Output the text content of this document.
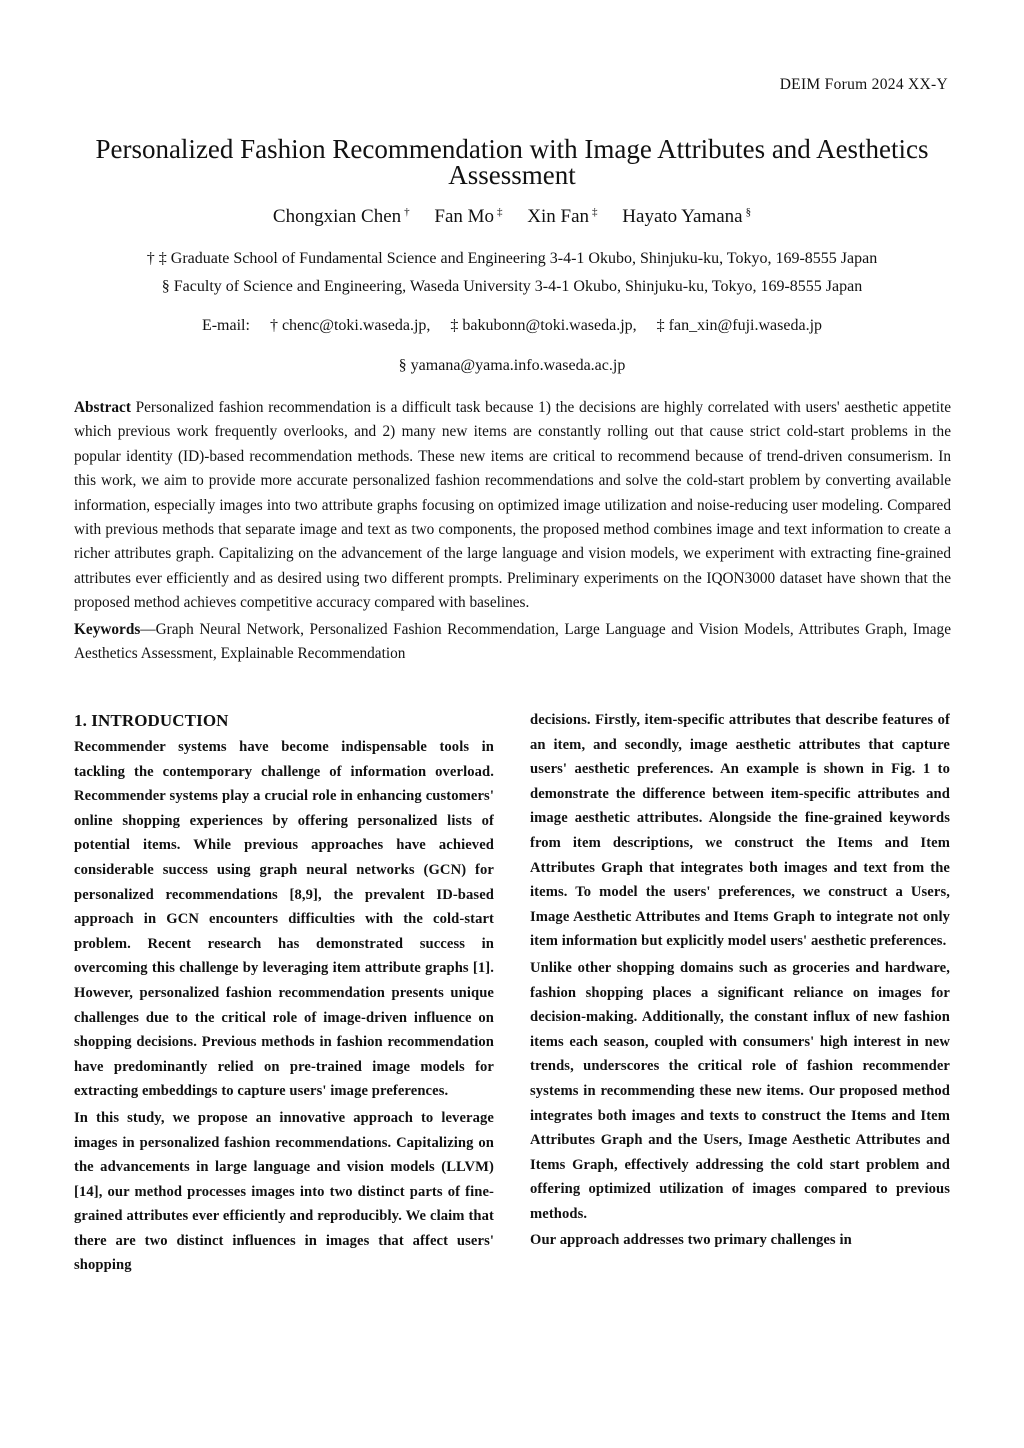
DEIM Forum 2024 XX-Y
Personalized Fashion Recommendation with Image Attributes and Aesthetics Assessment
Chongxian Chen † Fan Mo ‡ Xin Fan ‡ Hayato Yamana §
† ‡ Graduate School of Fundamental Science and Engineering 3-4-1 Okubo, Shinjuku-ku, Tokyo, 169-8555 Japan
§ Faculty of Science and Engineering, Waseda University 3-4-1 Okubo, Shinjuku-ku, Tokyo, 169-8555 Japan
E-mail: † chenc@toki.waseda.jp, ‡ bakubonn@toki.waseda.jp, ‡ fan_xin@fuji.waseda.jp
§ yamana@yama.info.waseda.ac.jp

Abstract Personalized fashion recommendation is a difficult task because 1) the decisions are highly correlated with users' aesthetic appetite which previous work frequently overlooks, and 2) many new items are constantly rolling out that cause strict cold-start problems in the popular identity (ID)-based recommendation methods. These new items are critical to recommend because of trend-driven consumerism. In this work, we aim to provide more accurate personalized fashion recommendations and solve the cold-start problem by converting available information, especially images into two attribute graphs focusing on optimized image utilization and noise-reducing user modeling. Compared with previous methods that separate image and text as two components, the proposed method combines image and text information to create a richer attributes graph. Capitalizing on the advancement of the large language and vision models, we experiment with extracting fine-grained attributes ever efficiently and as desired using two different prompts. Preliminary experiments on the IQON3000 dataset have shown that the proposed method achieves competitive accuracy compared with baselines.

Keywords—Graph Neural Network, Personalized Fashion Recommendation, Large Language and Vision Models, Attributes Graph, Image Aesthetics Assessment, Explainable Recommendation

1. INTRODUCTION

Recommender systems have become indispensable tools in tackling the contemporary challenge of information overload. Recommender systems play a crucial role in enhancing customers' online shopping experiences by offering personalized lists of potential items. While previous approaches have achieved considerable success using graph neural networks (GCN) for personalized recommendations [8,9], the prevalent ID-based approach in GCN encounters difficulties with the cold-start problem. Recent research has demonstrated success in overcoming this challenge by leveraging item attribute graphs [1]. However, personalized fashion recommendation presents unique challenges due to the critical role of image-driven influence on shopping decisions. Previous methods in fashion recommendation have predominantly relied on pre-trained image models for extracting embeddings to capture users' image preferences.

In this study, we propose an innovative approach to leverage images in personalized fashion recommendations. Capitalizing on the advancements in large language and vision models (LLVM) [14], our method processes images into two distinct parts of fine-grained attributes ever efficiently and reproducibly. We claim that there are two distinct influences in images that affect users' shopping

decisions. Firstly, item-specific attributes that describe features of an item, and secondly, image aesthetic attributes that capture users' aesthetic preferences. An example is shown in Fig. 1 to demonstrate the difference between item-specific attributes and image aesthetic attributes. Alongside the fine-grained keywords from item descriptions, we construct the Items and Item Attributes Graph that integrates both images and text from the items. To model the users' preferences, we construct a Users, Image Aesthetic Attributes and Items Graph to integrate not only item information but explicitly model users' aesthetic preferences.

Unlike other shopping domains such as groceries and hardware, fashion shopping places a significant reliance on images for decision-making. Additionally, the constant influx of new fashion items each season, coupled with consumers' high interest in new trends, underscores the critical role of fashion recommender systems in recommending these new items. Our proposed method integrates both images and texts to construct the Items and Item Attributes Graph and the Users, Image Aesthetic Attributes and Items Graph, effectively addressing the cold start problem and offering optimized utilization of images compared to previous methods.

Our approach addresses two primary challenges in
